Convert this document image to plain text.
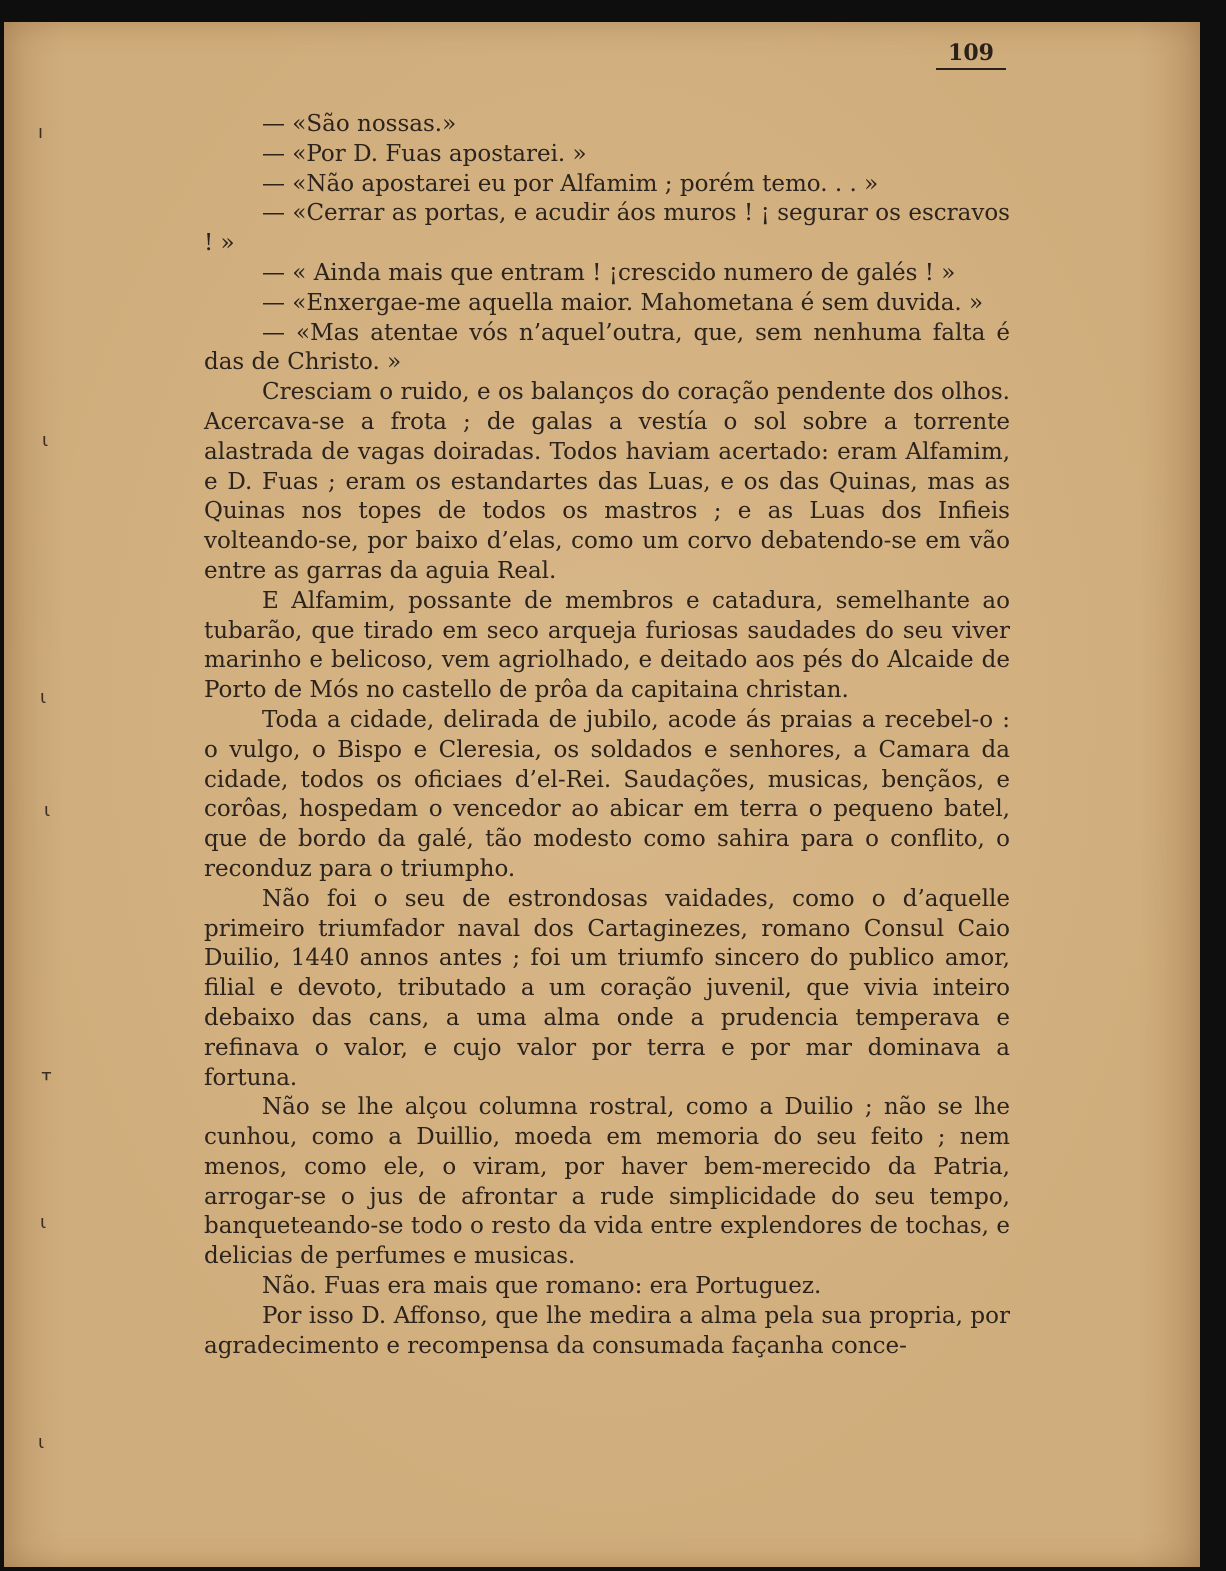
109

ı
ɩ
ɩ
ɩ
ᚁ
ɩ
ɩ

— «São nossas.»

— «Por D. Fuas apostarei. »

— «Não apostarei eu por Alfamim ; porém temo. . . »

— «Cerrar as portas, e acudir áos muros ! ¡ segurar os escravos ! »

— « Ainda mais que entram ! ¡crescido numero de galés ! »

— «Enxergae-me aquella maior. Mahometana é sem duvida. »

— «Mas atentae vós n’aquel’outra, que, sem nenhuma falta é das de Christo. »

Cresciam o ruido, e os balanços do coração pendente dos olhos. Acercava-se a frota ; de galas a vestía o sol sobre a torrente alastrada de vagas doiradas. Todos haviam acertado: eram Alfamim, e D. Fuas ; eram os estandartes das Luas, e os das Quinas, mas as Quinas nos topes de todos os mastros ; e as Luas dos Infieis volteando-se, por baixo d’elas, como um corvo debatendo-se em vão entre as garras da aguia Real.

E Alfamim, possante de membros e catadura, semelhante ao tubarão, que tirado em seco arqueja furiosas saudades do seu viver marinho e belicoso, vem agriolhado, e deitado aos pés do Alcaide de Porto de Mós no castello de prôa da capitaina christan.

Toda a cidade, delirada de jubilo, acode ás praias a recebel-o : o vulgo, o Bispo e Cleresia, os soldados e senhores, a Camara da cidade, todos os oficiaes d’el-Rei. Saudações, musicas, bençãos, e corôas, hospedam o vencedor ao abicar em terra o pequeno batel, que de bordo da galé, tão modesto como sahira para o conflito, o reconduz para o triumpho.

Não foi o seu de estrondosas vaidades, como o d’aquelle primeiro triumfador naval dos Cartaginezes, romano Consul Caio Duilio, 1440 annos antes ; foi um triumfo sincero do publico amor, filial e devoto, tributado a um coração juvenil, que vivia inteiro debaixo das cans, a uma alma onde a prudencia temperava e refinava o valor, e cujo valor por terra e por mar dominava a fortuna.

Não se lhe alçou columna rostral, como a Duilio ; não se lhe cunhou, como a Duillio, moeda em memoria do seu feito ; nem menos, como ele, o viram, por haver bem-merecido da Patria, arrogar-se o jus de afrontar a rude simplicidade do seu tempo, banqueteando-se todo o resto da vida entre explendores de tochas, e delicias de perfumes e musicas.

Não. Fuas era mais que romano: era Portuguez.

Por isso D. Affonso, que lhe medira a alma pela sua propria, por agradecimento e recompensa da consumada façanha conce-
